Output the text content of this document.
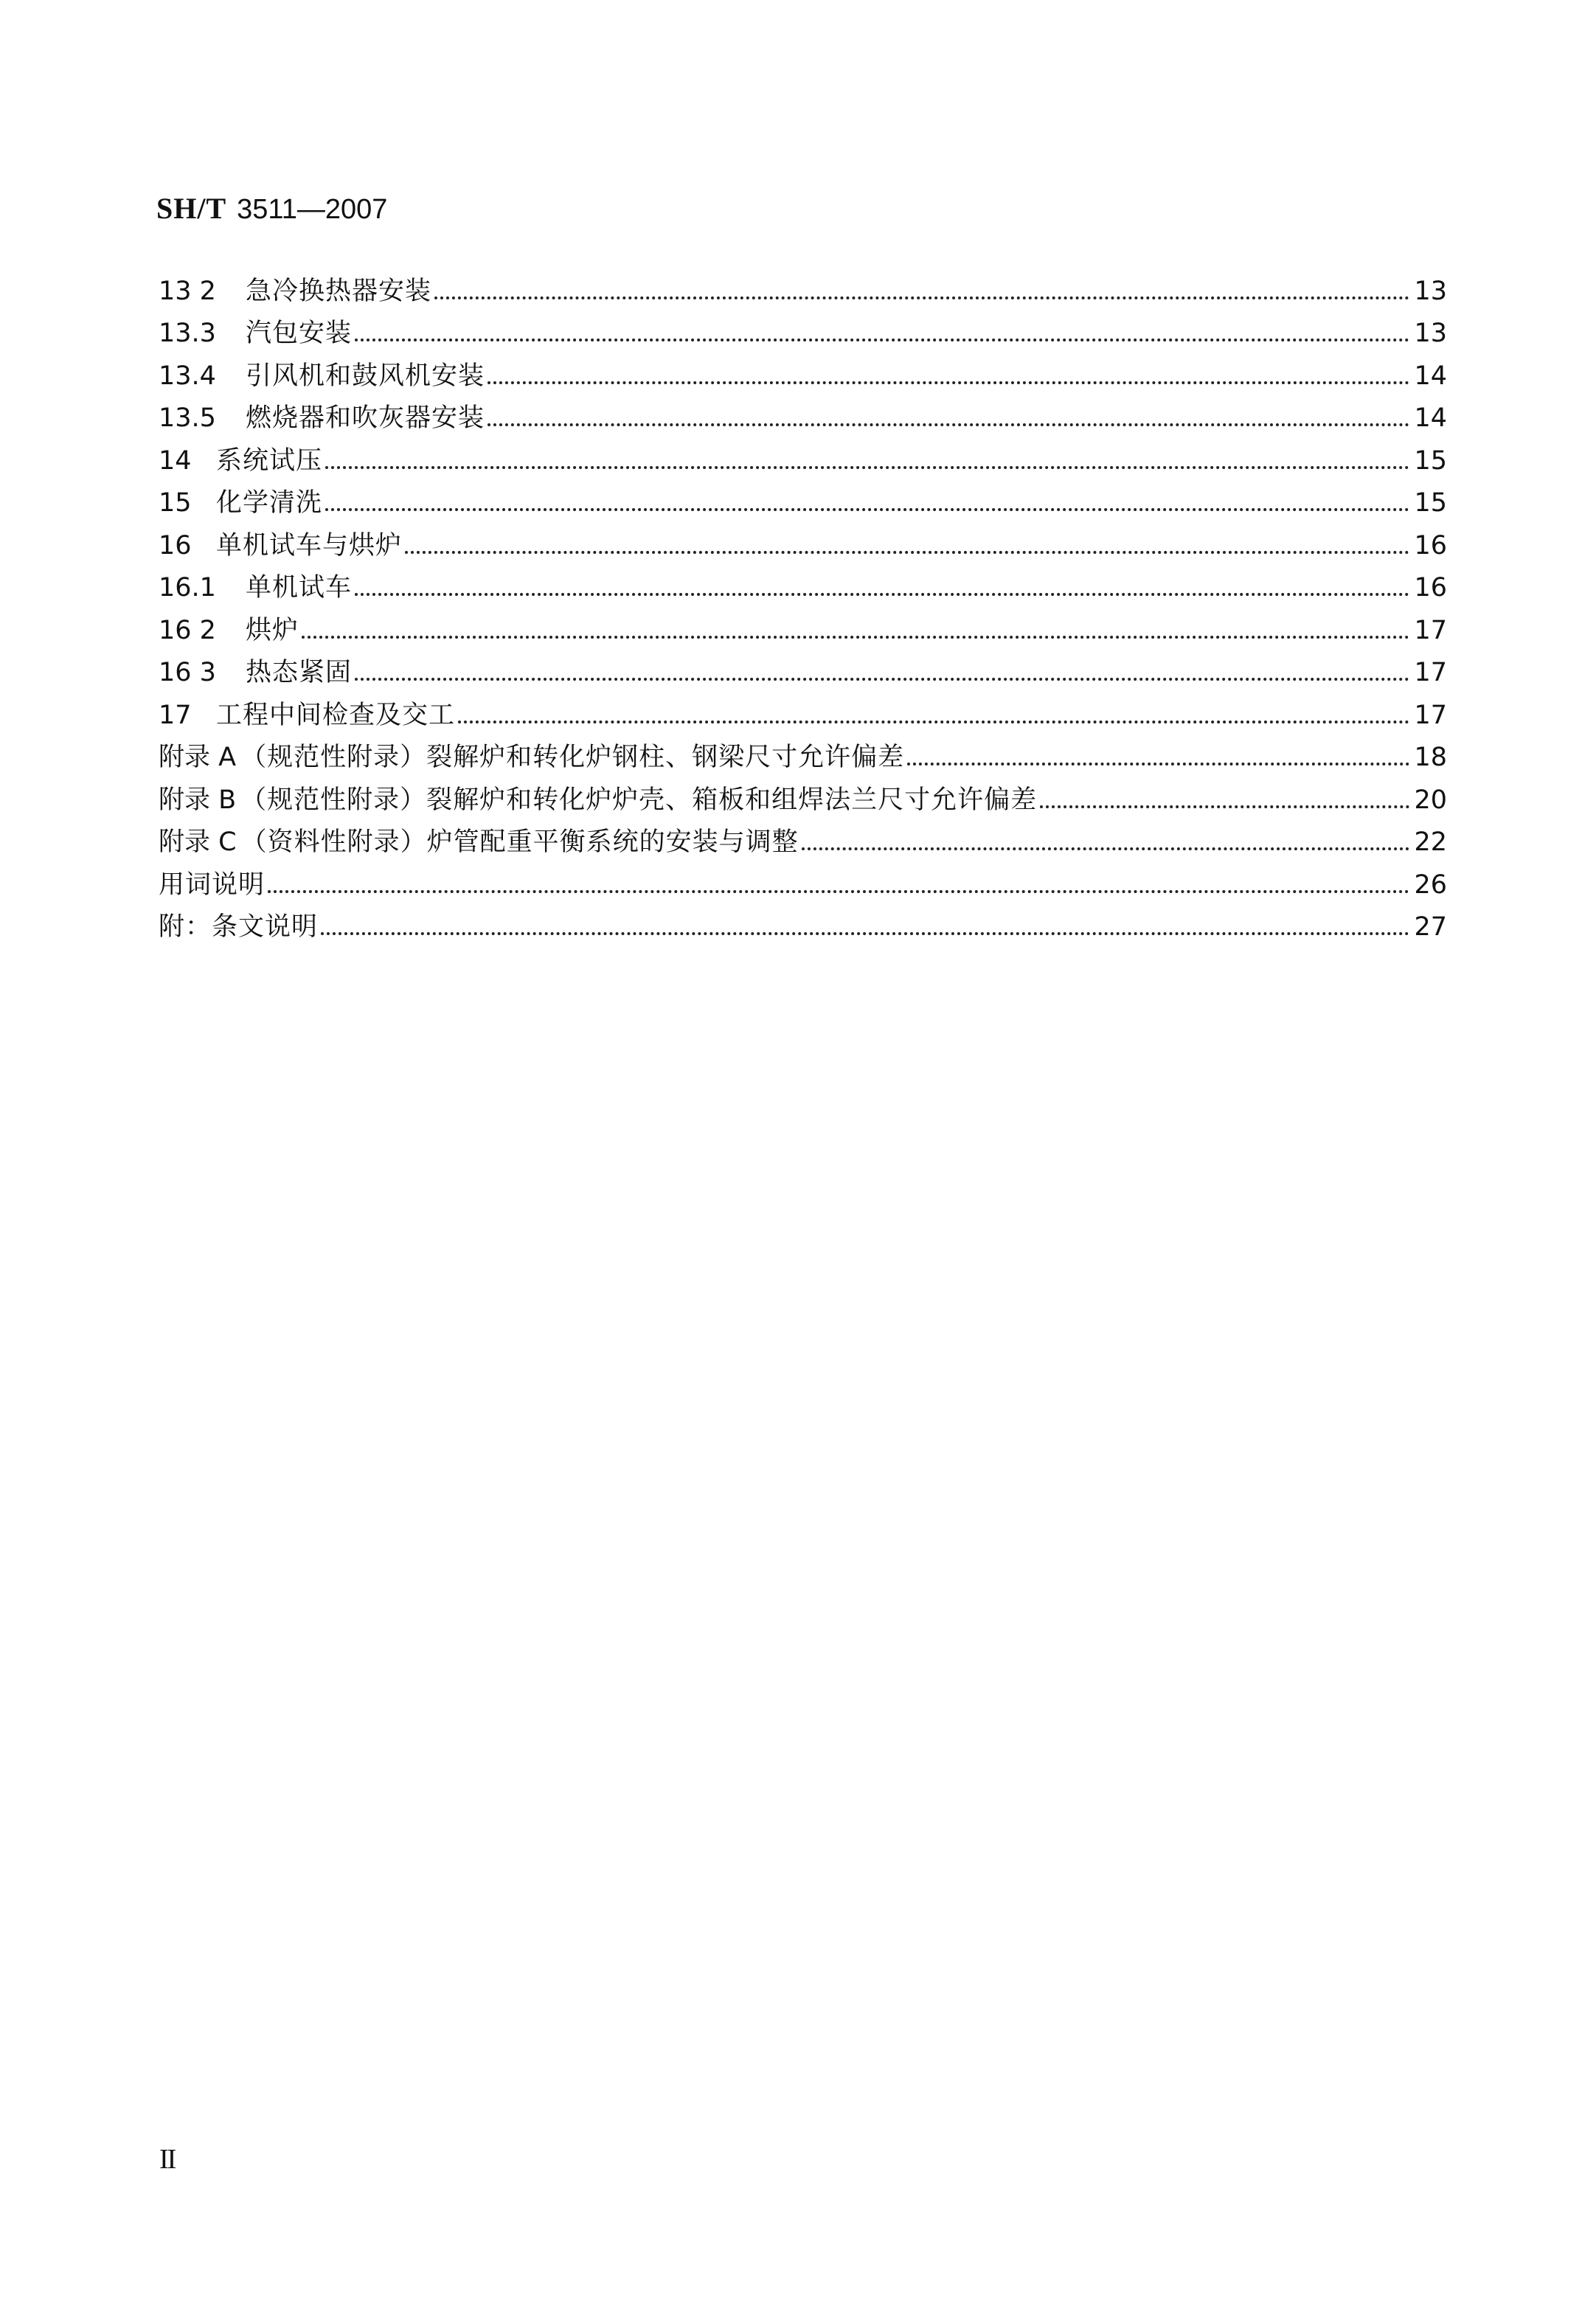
SH/T 3511—2007
13 2	急冷换热器安装	13
13.3	汽包安装	13
13.4	引风机和鼓风机安装	14
13.5	燃烧器和吹灰器安装	14
14 系统试压	15
15 化学清洗	15
16 单机试车与烘炉	16
16.1	单机试车	16
16 2	烘炉	17
16 3	热态紧固	17
17 工程中间检查及交工	17
附录 A （规范性附录）裂解炉和转化炉钢柱、钢梁尺寸允许偏差	18
附录 B （规范性附录）裂解炉和转化炉炉壳、箱板和组焊法兰尺寸允许偏差	20
附录 C （资料性附录）炉管配重平衡系统的安装与调整	22
用词说明	26
附：条文说明	27
II
